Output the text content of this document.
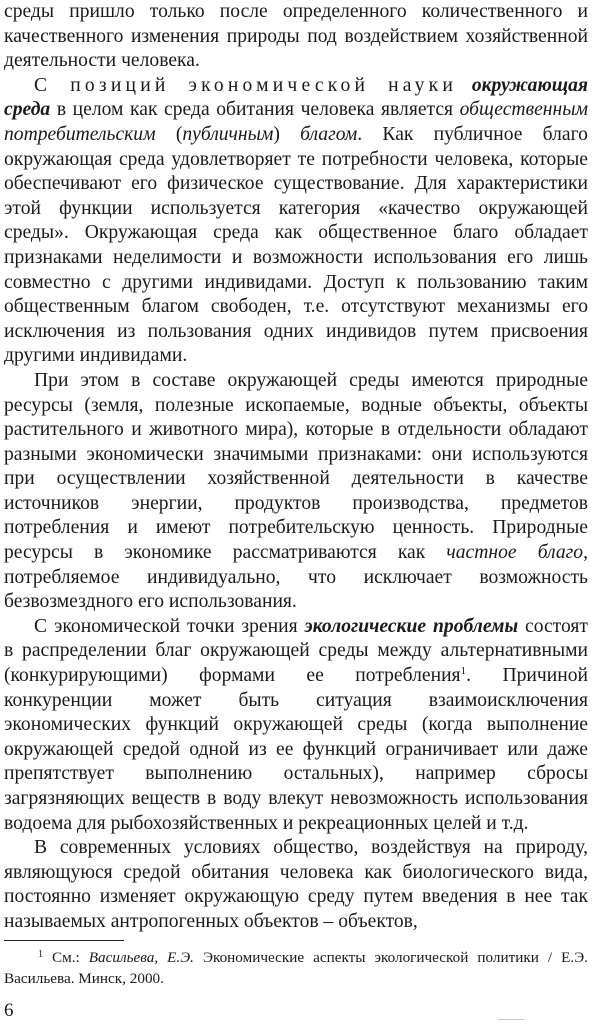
среды пришло только после определенного количественного и качественного изменения природы под воздействием хозяйственной деятельности человека.

С позиций экономической науки окружающая среда в целом как среда обитания человека является общественным потребительским (публичным) благом. Как публичное благо окружающая среда удовлетворяет те потребности человека, которые обеспечивают его физическое существование. Для характеристики этой функции используется категория «качество окружающей среды». Окружающая среда как общественное благо обладает признаками неделимости и возможности использования его лишь совместно с другими индивидами. Доступ к пользованию таким общественным благом свободен, т.е. отсутствуют механизмы его исключения из пользования одних индивидов путем присвоения другими индивидами.

При этом в составе окружающей среды имеются природные ресурсы (земля, полезные ископаемые, водные объекты, объекты растительного и животного мира), которые в отдельности обладают разными экономически значимыми признаками: они используются при осуществлении хозяйственной деятельности в качестве источников энергии, продуктов производства, предметов потребления и имеют потребительскую ценность. Природные ресурсы в экономике рассматриваются как частное благо, потребляемое индивидуально, что исключает возможность безвозмездного его использования.

С экономической точки зрения экологические проблемы состоят в распределении благ окружающей среды между альтернативными (конкурирующими) формами ее потребления$^1$. Причиной конкуренции может быть ситуация взаимоисключения экономических функций окружающей среды (когда выполнение окружающей средой одной из ее функций ограничивает или даже препятствует выполнению остальных), например сбросы загрязняющих веществ в воду влекут невозможность использования водоема для рыбохозяйственных и рекреационных целей и т.д.

В современных условиях общество, воздействуя на природу, являющуюся средой обитания человека как биологического вида, постоянно изменяет окружающую среду путем введения в нее так называемых антропогенных объектов – объектов,

$^1$ См.: Васильева, Е.Э. Экономические аспекты экологической политики / Е.Э. Васильева. Минск, 2000.
6
